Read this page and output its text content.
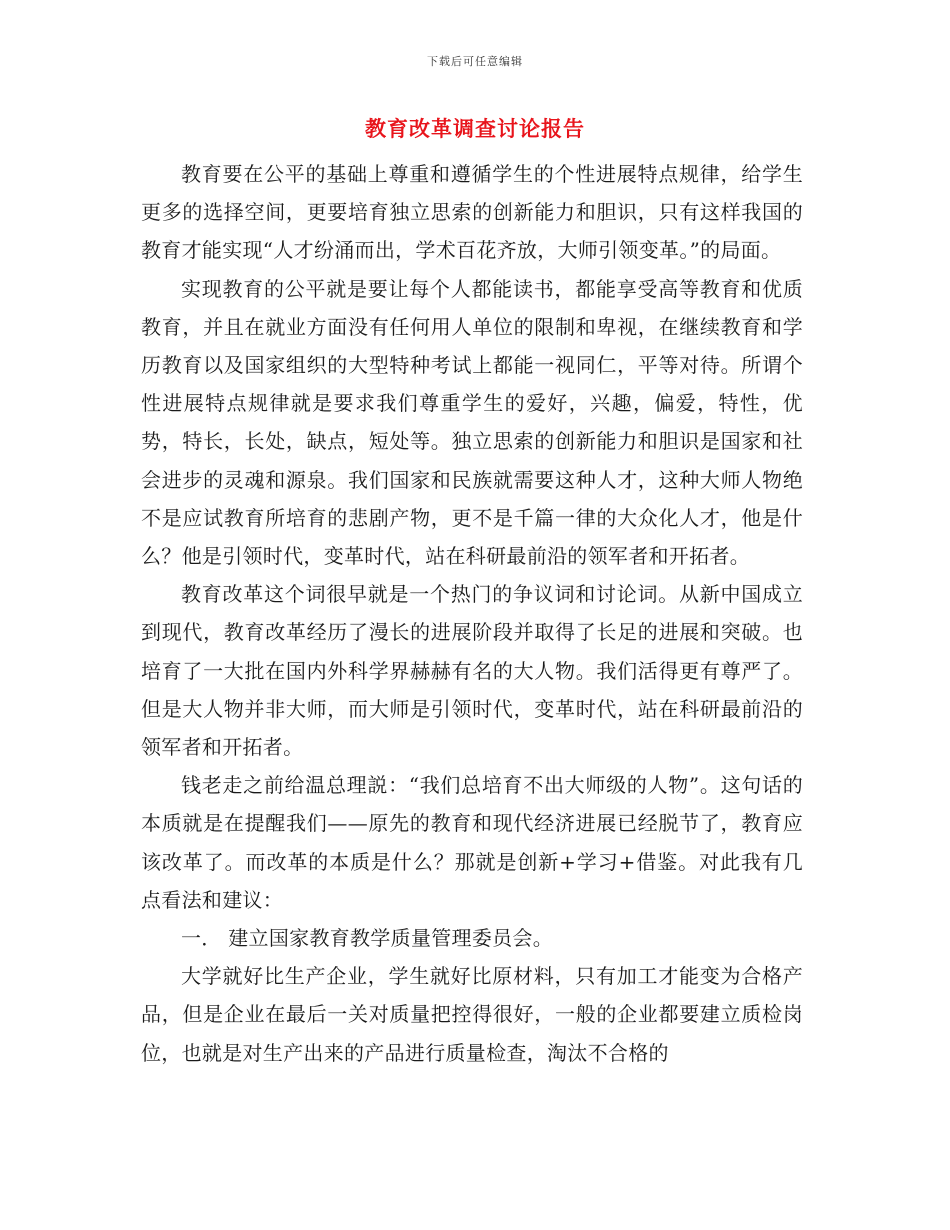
下载后可任意编辑
教育改革调查讨论报告

教育要在公平的基础上尊重和遵循学生的个性进展特点规律，给学生更多的选择空间，更要培育独立思索的创新能力和胆识，只有这样我国的教育才能实现“人才纷涌而出，学术百花齐放，大师引领变革。”的局面。

实现教育的公平就是要让每个人都能读书，都能享受高等教育和优质教育，并且在就业方面没有任何用人单位的限制和卑视，在继续教育和学历教育以及国家组织的大型特种考试上都能一视同仁，平等对待。所谓个性进展特点规律就是要求我们尊重学生的爱好，兴趣，偏爱，特性，优势，特长，长处，缺点，短处等。独立思索的创新能力和胆识是国家和社会进步的灵魂和源泉。我们国家和民族就需要这种人才，这种大师人物绝不是应试教育所培育的悲剧产物，更不是千篇一律的大众化人才，他是什么？他是引领时代，变革时代，站在科研最前沿的领军者和开拓者。

教育改革这个词很早就是一个热门的争议词和讨论词。从新中国成立到现代，教育改革经历了漫长的进展阶段并取得了长足的进展和突破。也培育了一大批在国内外科学界赫赫有名的大人物。我们活得更有尊严了。但是大人物并非大师，而大师是引领时代，变革时代，站在科研最前沿的领军者和开拓者。

钱老走之前给温总理説：“我们总培育不出大师级的人物”。这句话的本质就是在提醒我们——原先的教育和现代经济进展已经脱节了，教育应该改革了。而改革的本质是什么？那就是创新+学习+借鉴。对此我有几点看法和建议：

一． 建立国家教育教学质量管理委员会。

大学就好比生产企业，学生就好比原材料，只有加工才能变为合格产品，但是企业在最后一关对质量把控得很好，一般的企业都要建立质检岗位，也就是对生产出来的产品进行质量检查，淘汰不合格的
